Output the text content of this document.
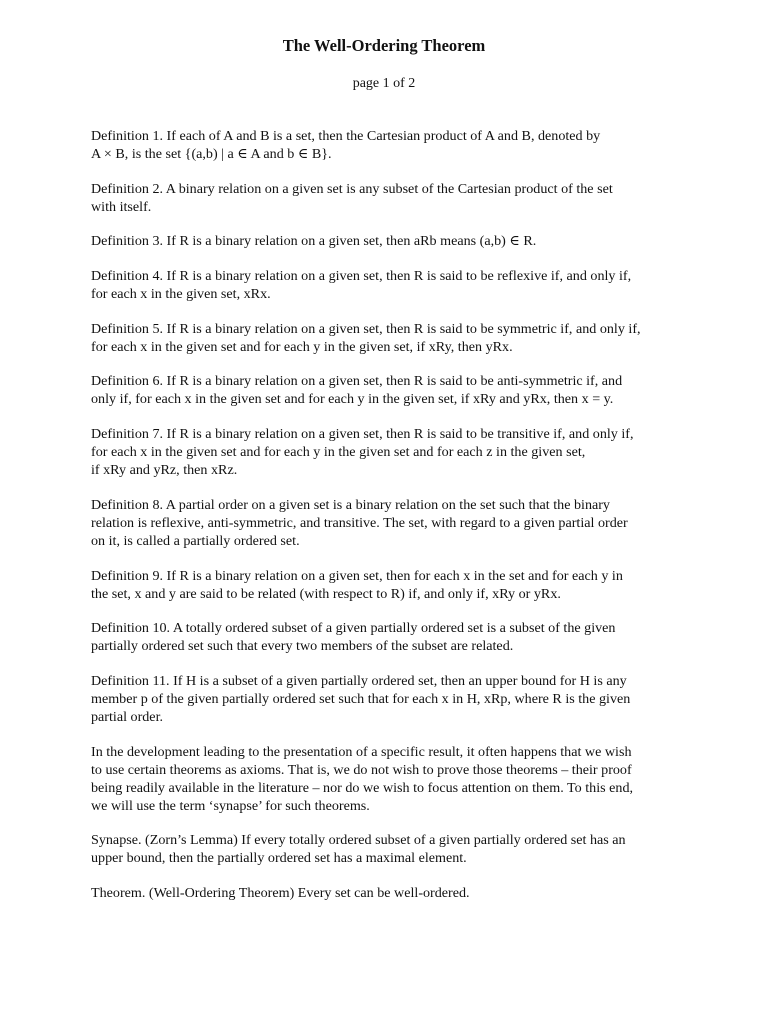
The Well-Ordering Theorem
page 1 of 2

Definition 1. If each of A and B is a set, then the Cartesian product of A and B, denoted by
A × B, is the set {(a,b) | a ∈ A and b ∈ B}.

Definition 2. A binary relation on a given set is any subset of the Cartesian product of the set
with itself.

Definition 3. If R is a binary relation on a given set, then aRb means (a,b) ∈ R.

Definition 4. If R is a binary relation on a given set, then R is said to be reflexive if, and only if,
for each x in the given set, xRx.

Definition 5. If R is a binary relation on a given set, then R is said to be symmetric if, and only if,
for each x in the given set and for each y in the given set, if xRy, then yRx.

Definition 6. If R is a binary relation on a given set, then R is said to be anti-symmetric if, and
only if, for each x in the given set and for each y in the given set, if xRy and yRx, then x = y.

Definition 7. If R is a binary relation on a given set, then R is said to be transitive if, and only if,
for each x in the given set and for each y in the given set and for each z in the given set,
if xRy and yRz, then xRz.

Definition 8. A partial order on a given set is a binary relation on the set such that the binary
relation is reflexive, anti-symmetric, and transitive. The set, with regard to a given partial order
on it, is called a partially ordered set.

Definition 9. If R is a binary relation on a given set, then for each x in the set and for each y in
the set, x and y are said to be related (with respect to R) if, and only if, xRy or yRx.

Definition 10. A totally ordered subset of a given partially ordered set is a subset of the given
partially ordered set such that every two members of the subset are related.

Definition 11. If H is a subset of a given partially ordered set, then an upper bound for H is any
member p of the given partially ordered set such that for each x in H, xRp, where R is the given
partial order.

In the development leading to the presentation of a specific result, it often happens that we wish
to use certain theorems as axioms. That is, we do not wish to prove those theorems – their proof
being readily available in the literature – nor do we wish to focus attention on them. To this end,
we will use the term ‘synapse’ for such theorems.

Synapse. (Zorn’s Lemma) If every totally ordered subset of a given partially ordered set has an
upper bound, then the partially ordered set has a maximal element.

Theorem. (Well-Ordering Theorem) Every set can be well-ordered.
